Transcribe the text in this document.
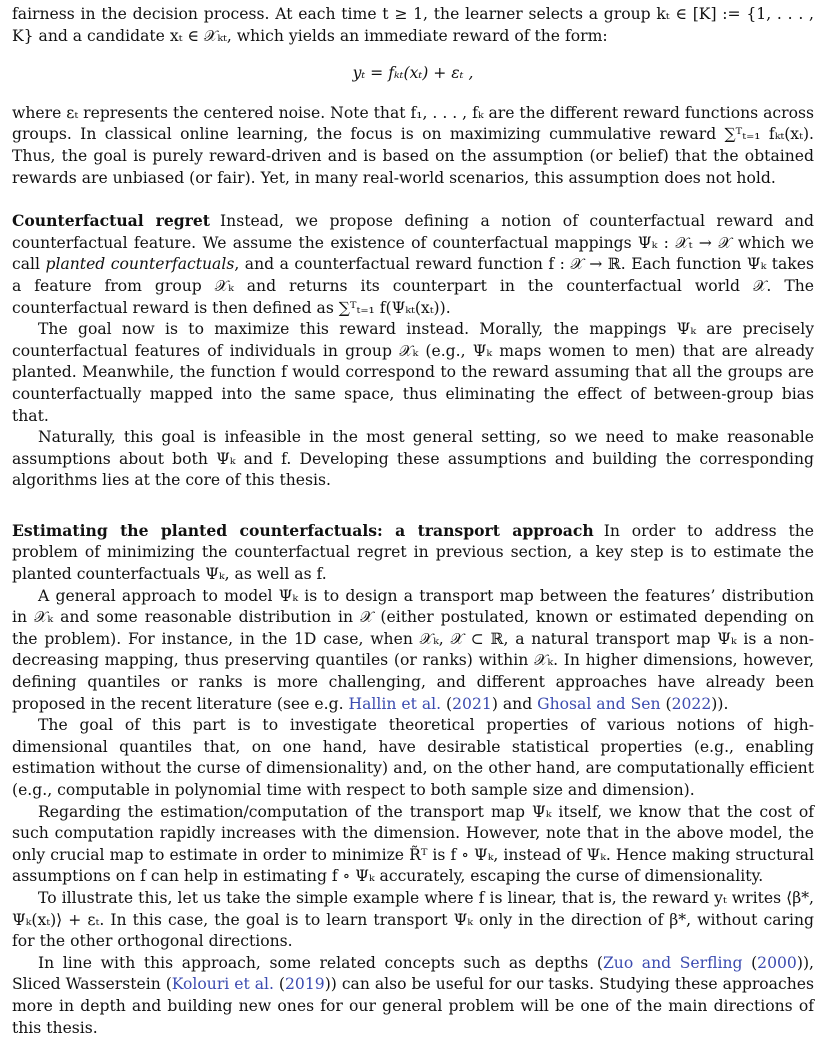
fairness in the decision process. At each time t ≥ 1, the learner selects a group kₜ ∈ [K] := {1, . . . , K} and a candidate xₜ ∈ 𝒳ₖₜ, which yields an immediate reward of the form:

yₜ = fₖₜ(xₜ) + εₜ ,

where εₜ represents the centered noise. Note that f₁, . . . , fₖ are the different reward functions across groups. In classical online learning, the focus is on maximizing cummulative reward ∑ᵀₜ₌₁ fₖₜ(xₜ). Thus, the goal is purely reward-driven and is based on the assumption (or belief) that the obtained rewards are unbiased (or fair). Yet, in many real-world scenarios, this assumption does not hold.

Counterfactual regret Instead, we propose defining a notion of counterfactual reward and counterfactual feature. We assume the existence of counterfactual mappings Ψₖ : 𝒳ₜ → 𝒳 which we call planted counterfactuals, and a counterfactual reward function f : 𝒳 → ℝ. Each function Ψₖ takes a feature from group 𝒳ₖ and returns its counterpart in the counterfactual world 𝒳. The counterfactual reward is then defined as ∑ᵀₜ₌₁ f(Ψₖₜ(xₜ)).

The goal now is to maximize this reward instead. Morally, the mappings Ψₖ are precisely counterfactual features of individuals in group 𝒳ₖ (e.g., Ψₖ maps women to men) that are already planted. Meanwhile, the function f would correspond to the reward assuming that all the groups are counterfactually mapped into the same space, thus eliminating the effect of between-group bias that.

Naturally, this goal is infeasible in the most general setting, so we need to make reasonable assumptions about both Ψₖ and f. Developing these assumptions and building the corresponding algorithms lies at the core of this thesis.

Estimating the planted counterfactuals: a transport approach In order to address the problem of minimizing the counterfactual regret in previous section, a key step is to estimate the planted counterfactuals Ψₖ, as well as f.

A general approach to model Ψₖ is to design a transport map between the features’ distribution in 𝒳ₖ and some reasonable distribution in 𝒳 (either postulated, known or estimated depending on the problem). For instance, in the 1D case, when 𝒳ₖ, 𝒳 ⊂ ℝ, a natural transport map Ψₖ is a non-decreasing mapping, thus preserving quantiles (or ranks) within 𝒳ₖ. In higher dimensions, however, defining quantiles or ranks is more challenging, and different approaches have already been proposed in the recent literature (see e.g. Hallin et al. (2021) and Ghosal and Sen (2022)).

The goal of this part is to investigate theoretical properties of various notions of high-dimensional quantiles that, on one hand, have desirable statistical properties (e.g., enabling estimation without the curse of dimensionality) and, on the other hand, are computationally efficient (e.g., computable in polynomial time with respect to both sample size and dimension).

Regarding the estimation/computation of the transport map Ψₖ itself, we know that the cost of such computation rapidly increases with the dimension. However, note that in the above model, the only crucial map to estimate in order to minimize R̃ᵀ is f ∘ Ψₖ, instead of Ψₖ. Hence making structural assumptions on f can help in estimating f ∘ Ψₖ accurately, escaping the curse of dimensionality.

To illustrate this, let us take the simple example where f is linear, that is, the reward yₜ writes ⟨β*, Ψₖ(xₜ)⟩ + εₜ. In this case, the goal is to learn transport Ψₖ only in the direction of β*, without caring for the other orthogonal directions.

In line with this approach, some related concepts such as depths (Zuo and Serfling (2000)), Sliced Wasserstein (Kolouri et al. (2019)) can also be useful for our tasks. Studying these approaches more in depth and building new ones for our general problem will be one of the main directions of this thesis.
